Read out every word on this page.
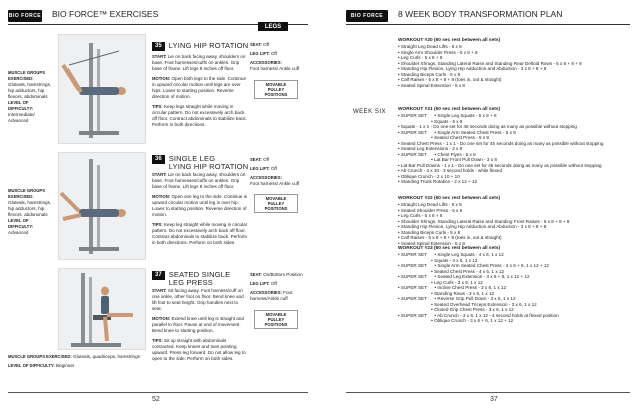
BIO FORCE BIO FORCE™ EXERCISES
LEGS
35 LYING HIP ROTATION
MUSCLE GROUPS EXERCISED:
Gluteals, hamstrings, hip adductors, hip flexors, abdominals
LEVEL OF DIFFICULTY:
Intermediate/ Advanced

START: Lie on back facing away, shoulders on base. Foot harnesses/cuffs on ankles. Grip base of frame. Lift legs 8 inches off floor.

MOTION: Open both legs to the side. Continue in upward circular motion until legs are over hips. Lower to starting position. Reverse direction of motion.

TIPS: Keep legs straight while moving in circular pattern. Do not excessively arch back off floor. Contract abdominals to stabilize back. Perform in both directions.

SEAT: Off

LEG LIFT: Off

ACCESSORIES:
Foot harness/ Ankle cuff

MOVABLE PULLEY POSITIONS
36 SINGLE LEG
LYING HIP ROTATION
MUSCLE GROUPS EXERCISED:
Gluteals, hamstrings, hip adductors, hip flexors, abdominals
LEVEL OF DIFFICULTY:
Advanced

START: Lie on back facing away, shoulders on base. Foot harnesses/cuffs on ankles. Grip base of frame. Lift legs 8 inches off floor.

MOTION: Open one leg to the side. Continue in upward circular motion until leg is over hip. Lower to starting position. Reverse direction of motion.

TIPS: Keep leg straight while moving in circular pattern. Do not excessively arch back off floor. Contract abdominals to stabilize back. Perform in both directions. Perform on both sides.

SEAT: Off

LEG LIFT: Off

ACCESSORIES:
Foot harness/ Ankle cuff

MOVABLE PULLEY POSITIONS
37 SEATED SINGLE
LEG PRESS
MUSCLE GROUPS EXERCISED: Gluteals, quadriceps, hamstrings
LEVEL OF DIFFICULTY: Beginner

START: Sit facing away. Foot harness/cuff on one ankle, other foot on floor. Bend knee and lift foot to seat height. Grip handles next to seat.

MOTION: Extend knee until leg is straight and parallel to floor. Pause at end of movement. Bend knee to starting position.

TIPS: Sit up straight with abdominals contracted. Keep knees and toes pointing upward. Press leg forward. Do not allow leg to open to the side. Perform on both sides.

SEAT: On/Bottom Position

LEG LIFT: Off

ACCESSORIES: Foot harness/Ankle cuff

MOVABLE PULLEY POSITIONS
52
BIO FORCE	8 WEEK BODY TRANSFORMATION PLAN
WEEK SIX
WORKOUT #20 (60 sec rest between all sets)
• Straight Leg Dead Lifts - 5 x 8
• Single Arm Shoulder Press - 5 x 8 + 8
• Leg Curls - 5 x 8 + 8
• Shoulder Shrugs, Standing Lateral Raise and Standing Rear Deltoid Rows - 5 x 8 + 8 + 8
• Standing Hip Flexion, Lying Hip Adduction and Abduction - 3 x 8 + 8 + 8
• Standing Biceps Curls - 5 x 8
• Calf Raises - 5 x 8 + 8 + 8 (toes in, out & straight)
• Seated Spinal Extension - 5 x 8
WORKOUT #21 (60 sec rest between all sets)
• SUPER SET      • Single Leg Squats - 5 x 8 + 8
• Squats - 5 x 8
• Squats - 1 x 1 - Do one set for 45 seconds doing as many as possible without stopping
• SUPER SET      • Single Arm Seated Chest Press - 5 x 8
• Seated Chest Press - 5 x 8
• Seated Chest Press - 1 x 1 - Do one set for 45 seconds doing as many as possible without stopping
• Seated Leg Extensions - 2 x 8
• SUPER SET      • Chest Flyes - 5 x 8
• Lat Bar Front Pull Down - 3 x 8
• Lat Bar Pull Downs - 1 x 1 - Do one set for 45 seconds doing as many as possible without stopping
• Ab Crunch - 4 x 10 - 3 second holds - while flexed
• Oblique Crunch - 2 x 10 + 10
• Standing Trunk Rotation - 2 x 12 + 12
WORKOUT #22 (60 sec rest between all sets)
• Straight Leg Dead Lifts - 5 x 8
• Seated Shoulder Press - 5 x 8
• Leg Curls - 5 x 8 + 8
• Shoulder Shrugs, Standing Lateral Raise and Standing Front Raises - 5 x 8 + 8 + 8
• Standing Hip Flexion, Lying Hip Adduction and Abduction - 3 x 8 + 8 + 8
• Standing Biceps Curls - 5 x 8
• Calf Raises - 5 x 8 + 8 + 8 (toes in, out & straight)
• Seated Spinal Extension - 5 x 8
WORKOUT #23 (60 sec rest between all sets)
• SUPER SET      • Single Leg Squats - 4 x 6, 1 x 12
• Squats - 4 x 6, 1 x 12
• SUPER SET      • Single Arm Seated Chest Press - 4 x 6 + 6, 1 x 12 + 12
• Seated Chest Press - 4 x 6, 1 x 12
• SUPER SET      • Seated Leg Extension - 3 x 6 + 6, 1 x 12 + 12
• Leg Curls - 3 x 6, 1 x 12
• SUPER SET      • Incline Chest Press - 3 x 6, 1 x 12
• Standing Rows - 3 x 6, 1 x 12
• SUPER SET      • Reverse Grip Pull Down - 3 x 6, 1 x 12
• Seated Overhead Triceps Extension - 3 x 6, 1 x 12
• Closed Grip Chest Press - 3 x 6, 1 x 12
• SUPER SET      • Ab Crunch - 3 x 6, 1 x 12 - 4 second holds at flexed position
• Oblique Crunch - 3 x 6 + 6, 1 x 12 + 12
37
